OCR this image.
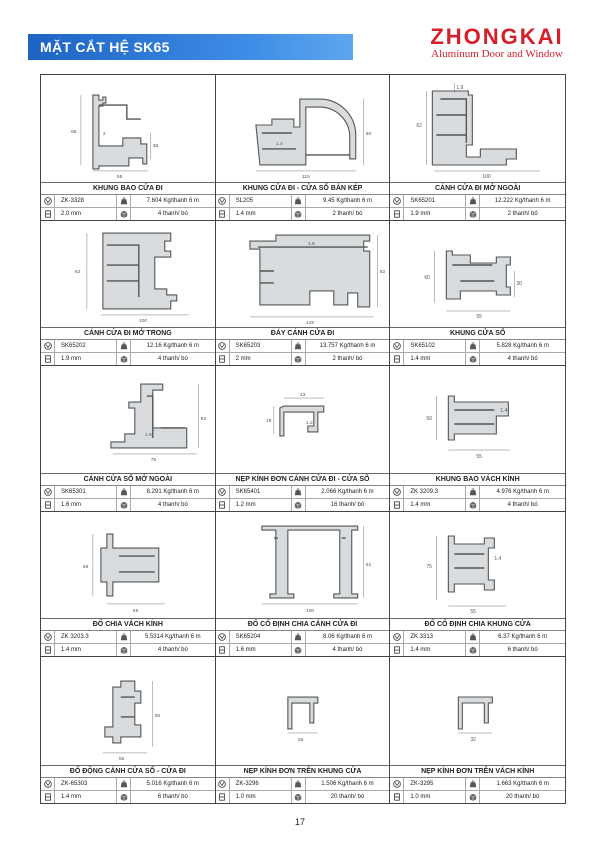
MẶT CẮT HỆ SK65	ZHONGKAI
Aluminum Door and Window
66
55
36
2
KHUNG BAO CỬA ĐI
ZK-3328	7.604 Kg/thanh 6 m
2.0 mm	4 thanh/ bó
115
60
1.4
KHUNG CỬA ĐI - CỬA SỔ BẢN KÉP
SL205	9.45 Kg/thanh 6 m
1.4 mm	2 thanh/ bó
62
100
1.9
CÁNH CỬA ĐI MỞ NGOÀI
SK65201	12.222 Kg/thanh 6 m
1.9 mm	2 thanh/ bó
62
100
CÁNH CỬA ĐI MỞ TRONG
SK65202	12.16 Kg/thanh 6 m
1.9 mm	4 thanh/ bó
125
52
1.9
ĐÁY CÁNH CỬA ĐI
SK65203	13.757 Kg/thanh 6 m
2 mm	2 thanh/ bó
60
55
30
KHUNG CỬA SỔ
SK65102	5.828 Kg/thanh 6 m
1.4 mm	4 thanh/ bó
62
75
1.6
CÁNH CỬA SỔ MỞ NGOÀI
SK65301	8.291 Kg/thanh 6 m
1.6 mm	4 thanh/ bó
43
19	1.2
NẸP KÍNH ĐƠN CÁNH CỬA ĐI - CỬA SỔ
SK65401	2.066 Kg/thanh 6 m
1.2 mm	16 thanh/ bó
50
55
1.4
KHUNG BAO VÁCH KÍNH
ZK 3209.3	4.976 Kg/thanh 6 m
1.4 mm	4 thanh/ bó
68
55
ĐỐ CHIA VÁCH KÍNH
ZK 3203.3	5.5314 Kg/thanh 6 m
1.4 mm	4 thanh/ bó
100
61
ĐỐ CỐ ĐỊNH CHIA CÁNH CỬA ĐI
SK65204	8.06 Kg/thanh 6 m
1.6 mm	4 thanh/ bó
75
55
1.4
ĐỐ CỐ ĐỊNH CHIA KHUNG CỬA
ZK 3313	6.37 Kg/thanh 6 m
1.4 mm	6 thanh/ bó
50
55
ĐỐ ĐỘNG CÁNH CỬA SỔ - CỬA ĐI
ZK-65303	5.016 Kg/thanh 6 m
1.4 mm	6 thanh/ bó
28
NẸP KÍNH ĐƠN TRÊN KHUNG CỬA
ZK-3296	1.506 Kg/thanh 6 m
1.0 mm	20 thanh/ bó
32
NẸP KÍNH ĐƠN TRÊN VÁCH KÍNH
ZK-3295	1.663 Kg/thanh 6 m
1.0 mm	20 thanh/ bó
17
